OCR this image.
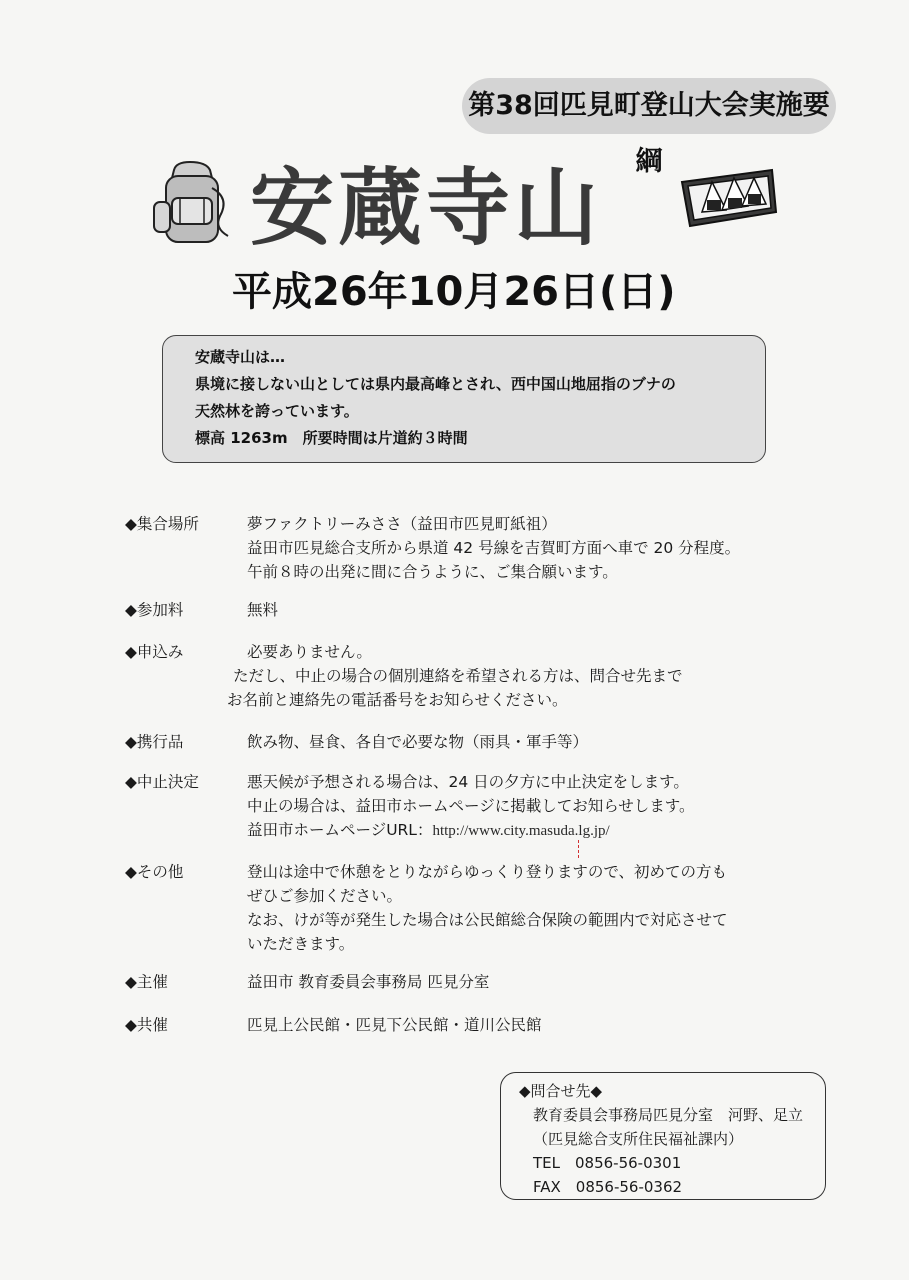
第38回匹見町登山大会実施要綱
安蔵寺山
平成26年10月26日(日)
安蔵寺山は…
県境に接しない山としては県内最高峰とされ、西中国山地屈指のブナの
天然林を誇っています。
標高 1263m　所要時間は片道約３時間
◆集合場所	夢ファクトリーみささ（益田市匹見町紙祖）
益田市匹見総合支所から県道 42 号線を吉賀町方面へ車で 20 分程度。
午前８時の出発に間に合うように、ご集合願います。
◆参加料	無料
◆申込み	必要ありません。
ただし、中止の場合の個別連絡を希望される方は、問合せ先まで
お名前と連絡先の電話番号をお知らせください。
◆携行品	飲み物、昼食、各自で必要な物（雨具・軍手等）
◆中止決定	悪天候が予想される場合は、24 日の夕方に中止決定をします。
中止の場合は、益田市ホームページに掲載してお知らせします。
益田市ホームページURL：http://www.city.masuda.lg.jp/
◆その他	登山は途中で休憩をとりながらゆっくり登りますので、初めての方も
ぜひご参加ください。
なお、けが等が発生した場合は公民館総合保険の範囲内で対応させて
いただきます。
◆主催	益田市 教育委員会事務局 匹見分室
◆共催	匹見上公民館・匹見下公民館・道川公民館
◆問合せ先◆
教育委員会事務局匹見分室　河野、足立
（匹見総合支所住民福祉課内）
TEL　0856-56-0301
FAX　0856-56-0362
